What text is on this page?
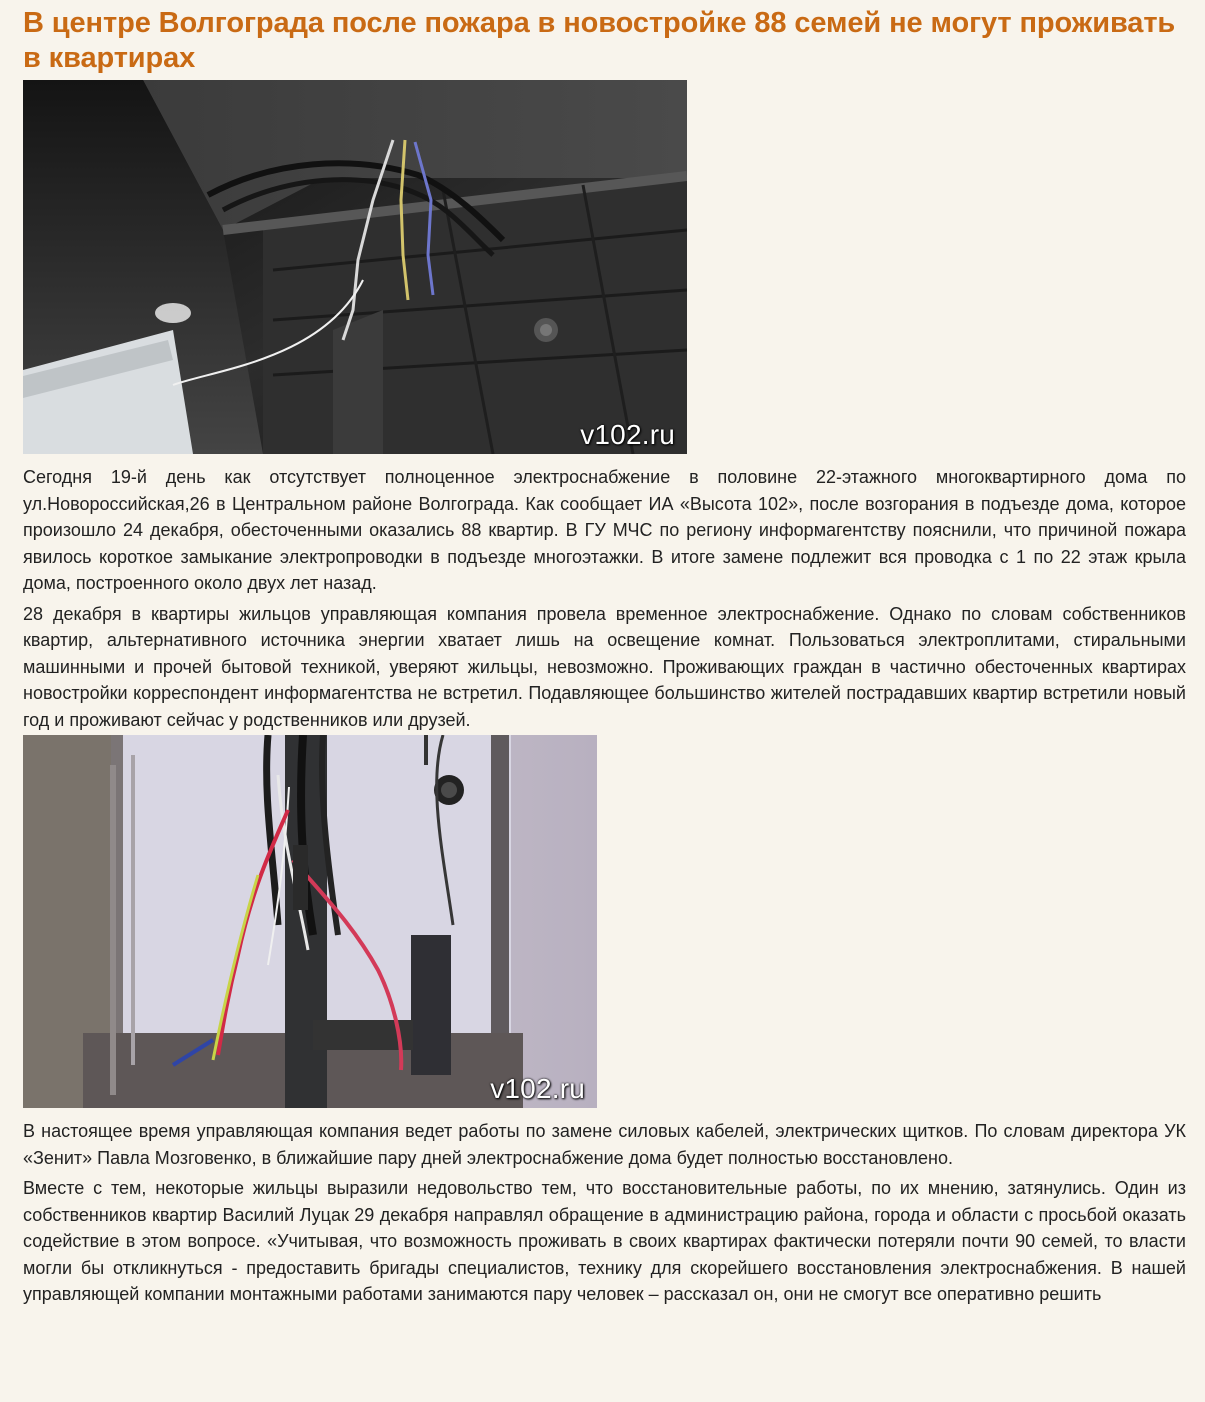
В центре Волгограда после пожара в новостройке 88 семей не могут проживать в квартирах
v102.ru

Сегодня 19-й день как отсутствует полноценное электроснабжение в половине 22-этажного многоквартирного дома по ул.Новороссийская,26 в Центральном районе Волгограда. Как сообщает ИА «Высота 102», после возгорания в подъезде дома, которое произошло 24 декабря, обесточенными оказались 88 квартир. В ГУ МЧС по региону информагентству пояснили, что причиной пожара явилось короткое замыкание электропроводки в подъезде многоэтажки. В итоге замене подлежит вся проводка с 1 по 22 этаж крыла дома, построенного около двух лет назад.

28 декабря в квартиры жильцов управляющая компания провела временное электроснабжение. Однако по словам собственников квартир, альтернативного источника энергии хватает лишь на освещение комнат. Пользоваться электроплитами, стиральными машинными и прочей бытовой техникой, уверяют жильцы, невозможно. Проживающих граждан в частично обесточенных квартирах новостройки корреспондент информагентства не встретил. Подавляющее большинство жителей пострадавших квартир встретили новый год и проживают сейчас у родственников или друзей.

v102.ru

В настоящее время управляющая компания ведет работы по замене силовых кабелей, электрических щитков. По словам директора УК «Зенит» Павла Мозговенко, в ближайшие пару дней электроснабжение дома будет полностью восстановлено.

Вместе с тем, некоторые жильцы выразили недовольство тем, что восстановительные работы, по их мнению, затянулись. Один из собственников квартир Василий Луцак 29 декабря направлял обращение в администрацию района, города и области с просьбой оказать содействие в этом вопросе. «Учитывая, что возможность проживать в своих квартирах фактически потеряли почти 90 семей, то власти могли бы откликнуться - предоставить бригады специалистов, технику для скорейшего восстановления электроснабжения. В нашей управляющей компании монтажными работами занимаются пару человек – рассказал он, они не смогут все оперативно решить
